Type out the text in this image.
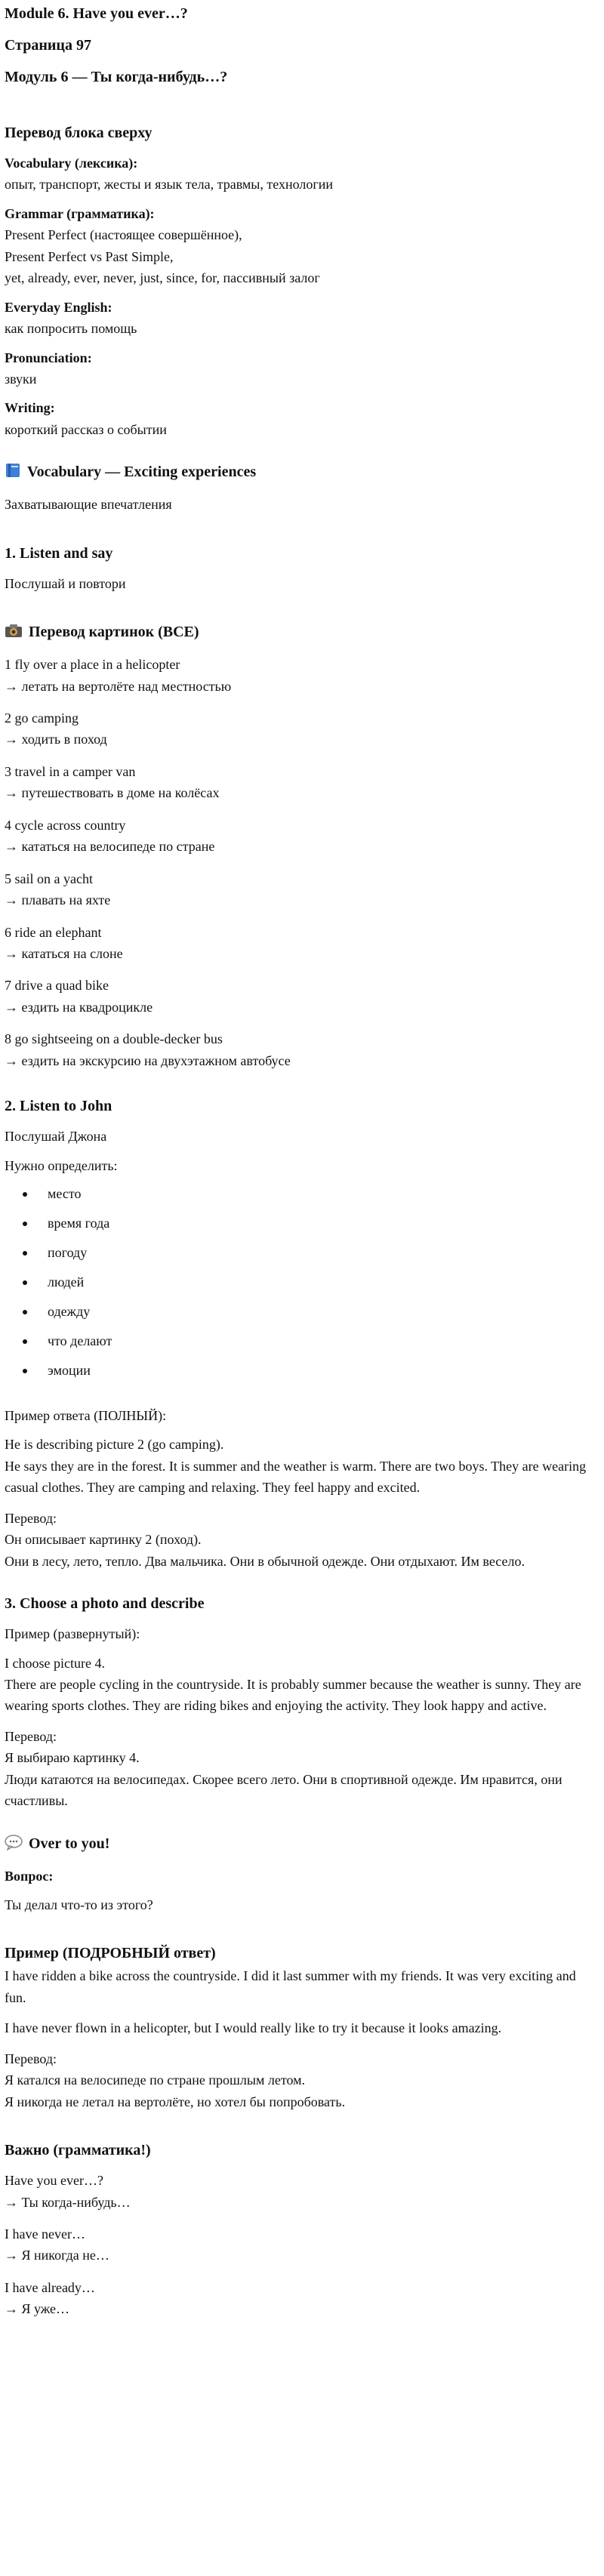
Module 6. Have you ever…?

Страница 97

Модуль 6 — Ты когда-нибудь…?

Перевод блока сверху

Vocabulary (лексика):

опыт, транспорт, жесты и язык тела, травмы, технологии

Grammar (грамматика):

Present Perfect (настоящее совершённое),

Present Perfect vs Past Simple,

yet, already, ever, never, just, since, for, пассивный залог

Everyday English:

как попросить помощь

Pronunciation:

звуки

Writing:

короткий рассказ о событии

Vocabulary — Exciting experiences

Захватывающие впечатления

1. Listen and say

Послушай и повтори

Перевод картинок (ВСЕ)

1 fly over a place in a helicopter

→ летать на вертолёте над местностью

2 go camping

→ ходить в поход

3 travel in a camper van

→ путешествовать в доме на колёсах

4 cycle across country

→ кататься на велосипеде по стране

5 sail on a yacht

→ плавать на яхте

6 ride an elephant

→ кататься на слоне

7 drive a quad bike

→ ездить на квадроцикле

8 go sightseeing on a double-decker bus

→ ездить на экскурсию на двухэтажном автобусе

2. Listen to John

Послушай Джона

Нужно определить:

место
время года
погоду
людей
одежду
что делают
эмоции

Пример ответа (ПОЛНЫЙ):

He is describing picture 2 (go camping).

He says they are in the forest. It is summer and the weather is warm. There are two boys. They are wearing casual clothes. They are camping and relaxing. They feel happy and excited.

Перевод:

Он описывает картинку 2 (поход).

Они в лесу, лето, тепло. Два мальчика. Они в обычной одежде. Они отдыхают. Им весело.

3. Choose a photo and describe

Пример (развернутый):

I choose picture 4.

There are people cycling in the countryside. It is probably summer because the weather is sunny. They are wearing sports clothes. They are riding bikes and enjoying the activity. They look happy and active.

Перевод:

Я выбираю картинку 4.

Люди катаются на велосипедах. Скорее всего лето. Они в спортивной одежде. Им нравится, они счастливы.

Over to you!

Вопрос:

Ты делал что-то из этого?

Пример (ПОДРОБНЫЙ ответ)

I have ridden a bike across the countryside. I did it last summer with my friends. It was very exciting and fun.

I have never flown in a helicopter, but I would really like to try it because it looks amazing.

Перевод:

Я катался на велосипеде по стране прошлым летом.

Я никогда не летал на вертолёте, но хотел бы попробовать.

Важно (грамматика!)

Have you ever…?

→ Ты когда-нибудь…

I have never…

→ Я никогда не…

I have already…

→ Я уже…
